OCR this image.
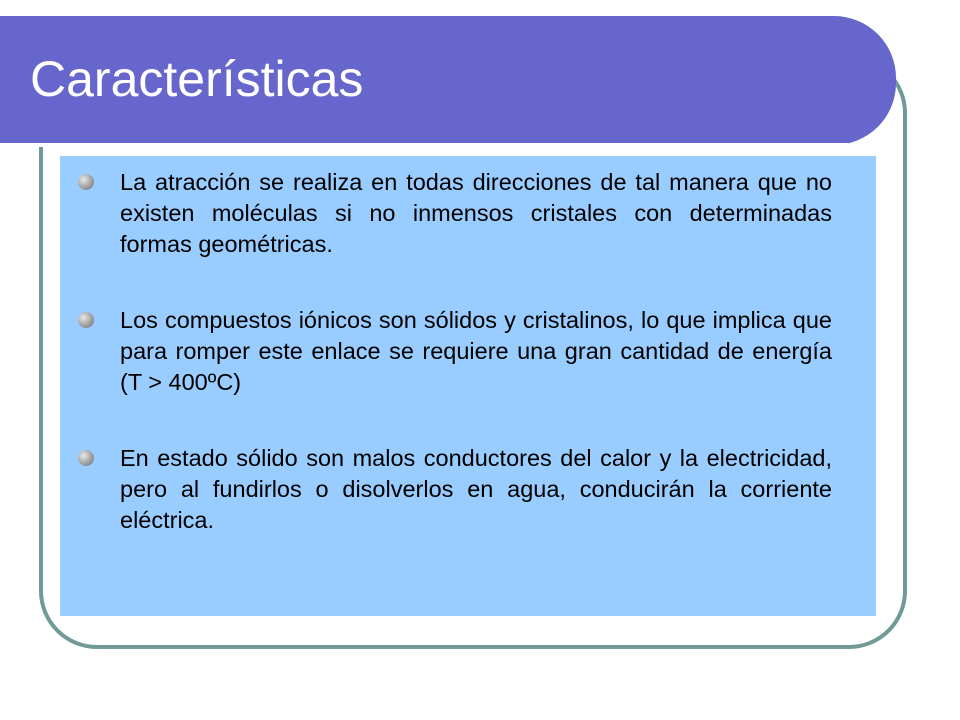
Características
La atracción se realiza en todas direcciones de tal manera que no existen moléculas si no inmensos cristales con determinadas formas geométricas.
Los compuestos iónicos son sólidos y cristalinos, lo que implica que para romper este enlace se requiere una gran cantidad de energía (T > 400ºC)
En estado sólido son malos conductores del calor y la electricidad, pero al fundirlos o disolverlos en agua, conducirán la corriente eléctrica.
